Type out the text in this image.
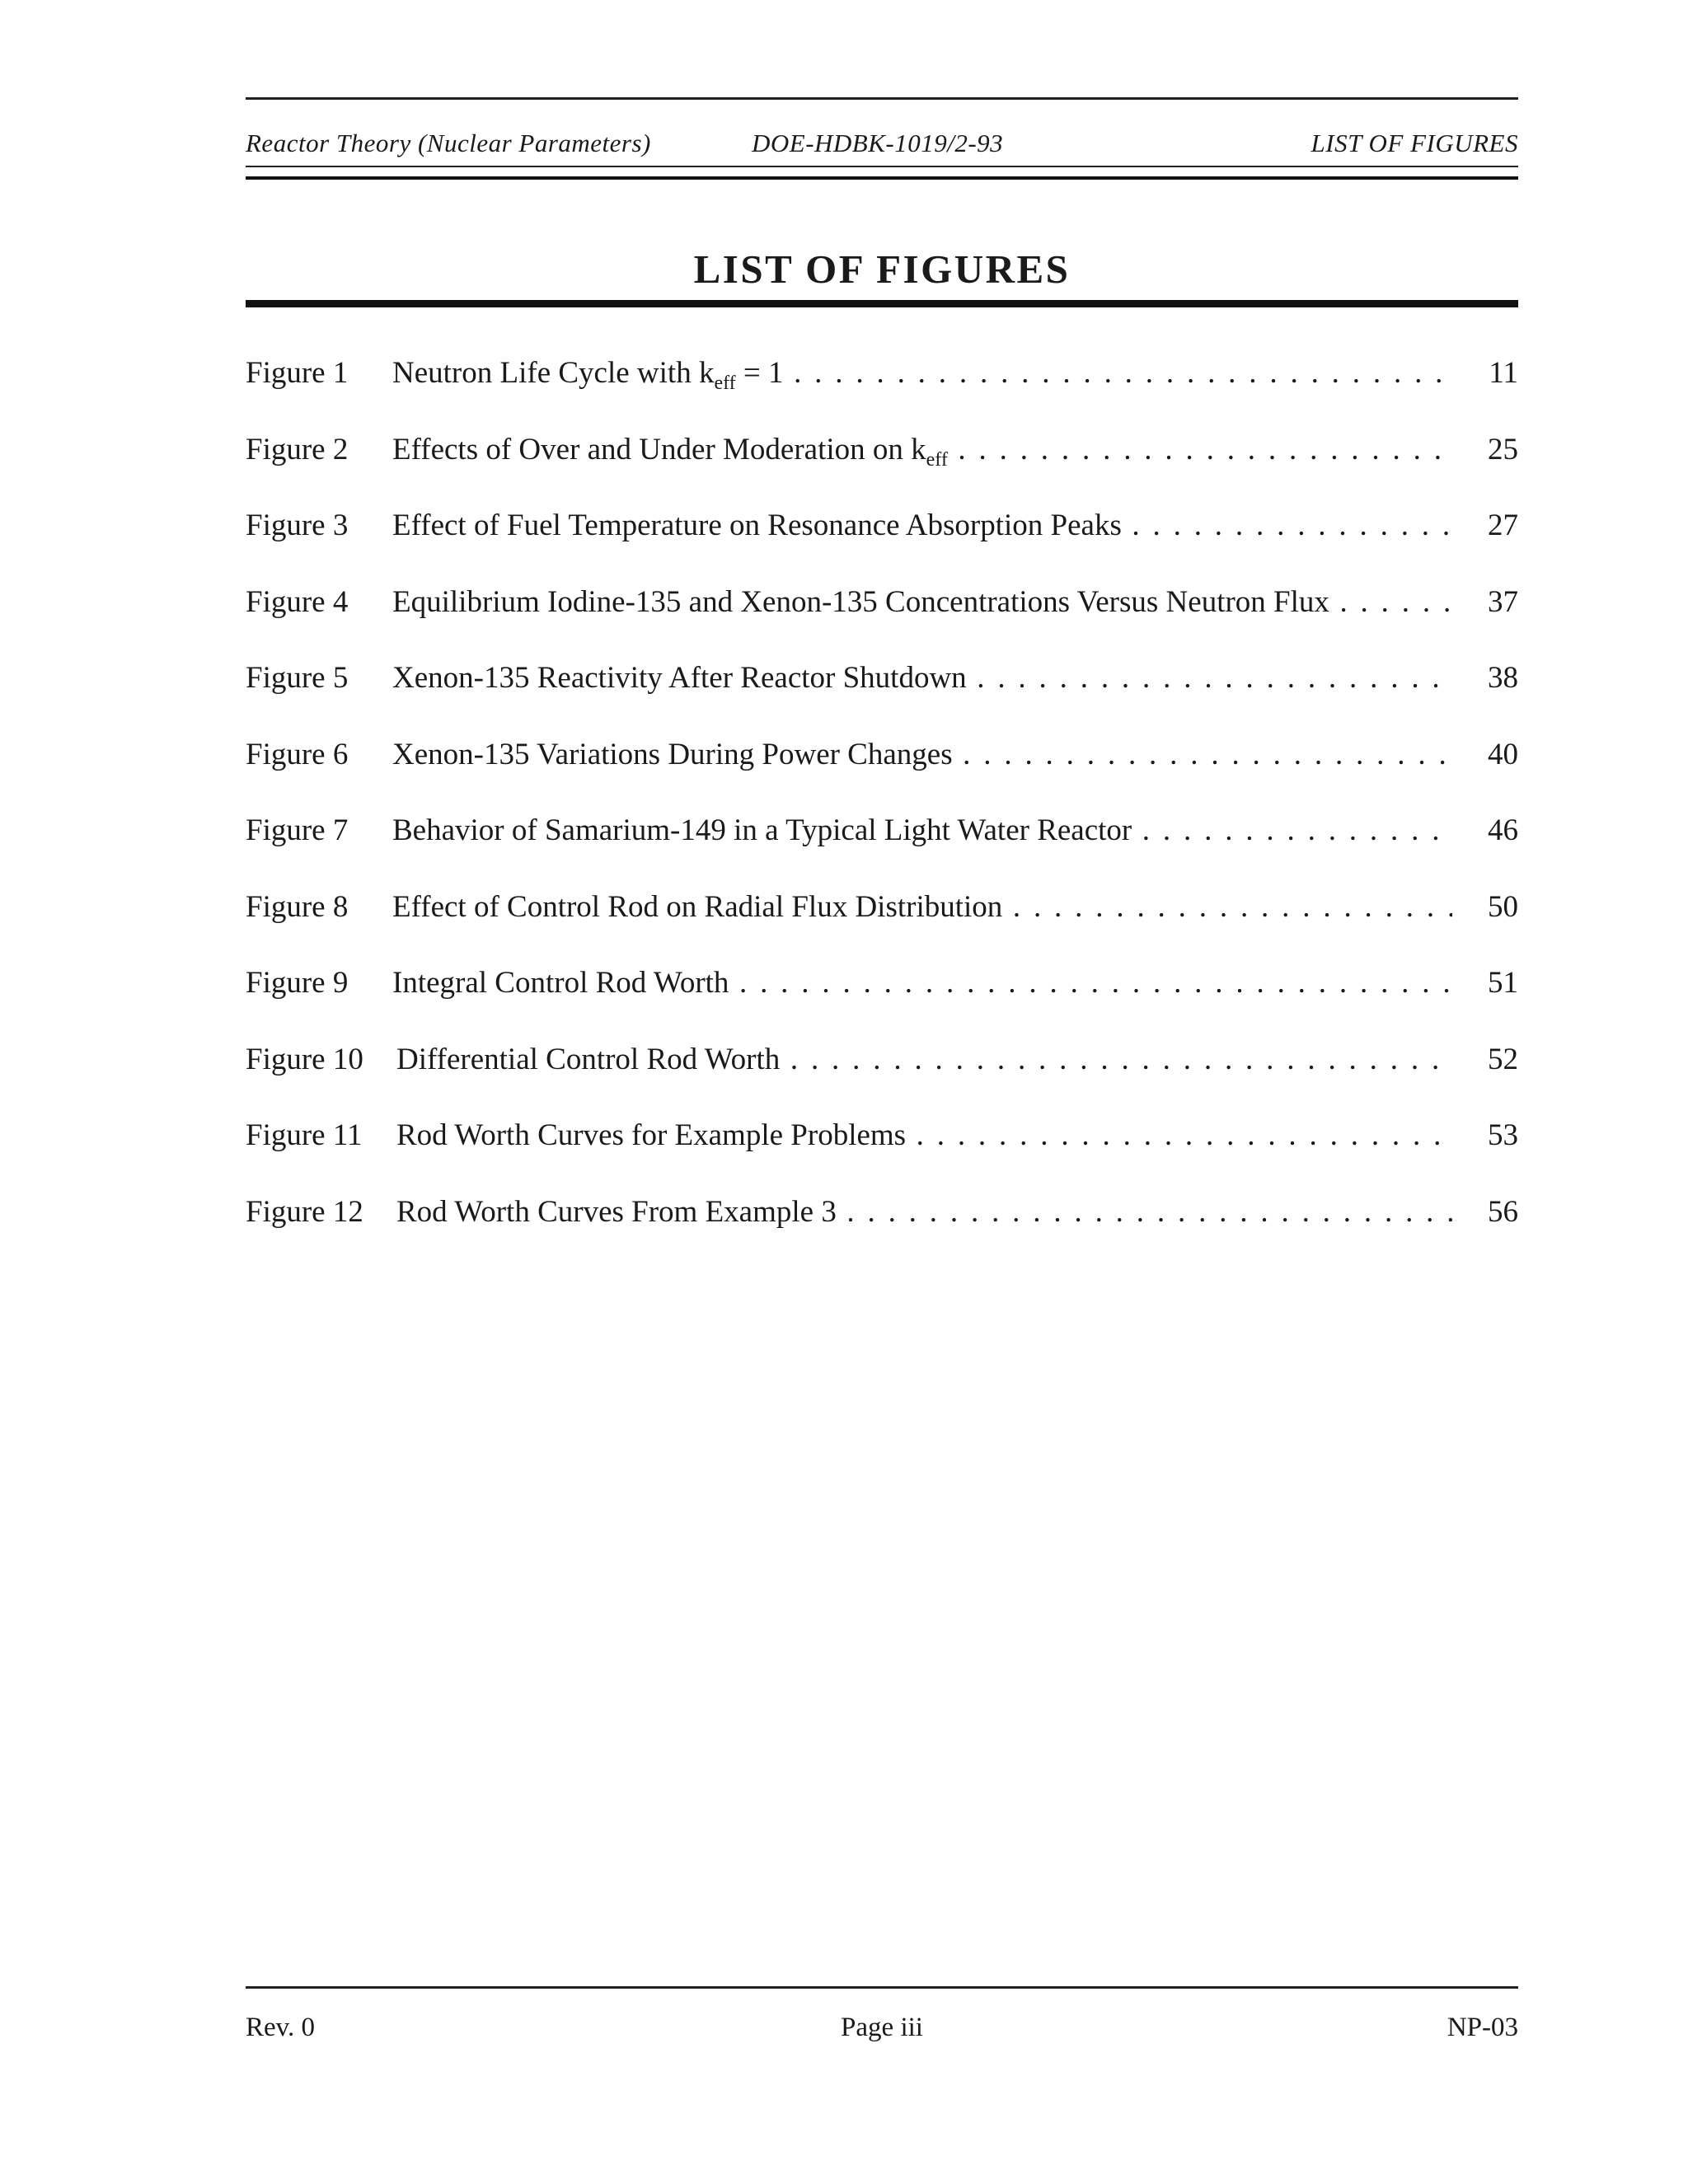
Reactor Theory (Nuclear Parameters)	DOE-HDBK-1019/2-93	LIST OF FIGURES
LIST OF FIGURES
Figure 1 Neutron Life Cycle with $k_{eff} = 1$ . . .	11
Figure 2 Effects of Over and Under Moderation on $k_{eff}$ . . .	25
Figure 3 Effect of Fuel Temperature on Resonance Absorption Peaks . . .	27
Figure 4 Equilibrium Iodine-135 and Xenon-135 Concentrations Versus Neutron Flux . . .	37
Figure 5 Xenon-135 Reactivity After Reactor Shutdown . . .	38
Figure 6 Xenon-135 Variations During Power Changes . . .	40
Figure 7 Behavior of Samarium-149 in a Typical Light Water Reactor . . .	46
Figure 8 Effect of Control Rod on Radial Flux Distribution . . .	50
Figure 9 Integral Control Rod Worth . . .	51
Figure 10 Differential Control Rod Worth . . .	52
Figure 11 Rod Worth Curves for Example Problems . . .	53
Figure 12 Rod Worth Curves From Example 3 . . .	56
Rev. 0	Page iii	NP-03
